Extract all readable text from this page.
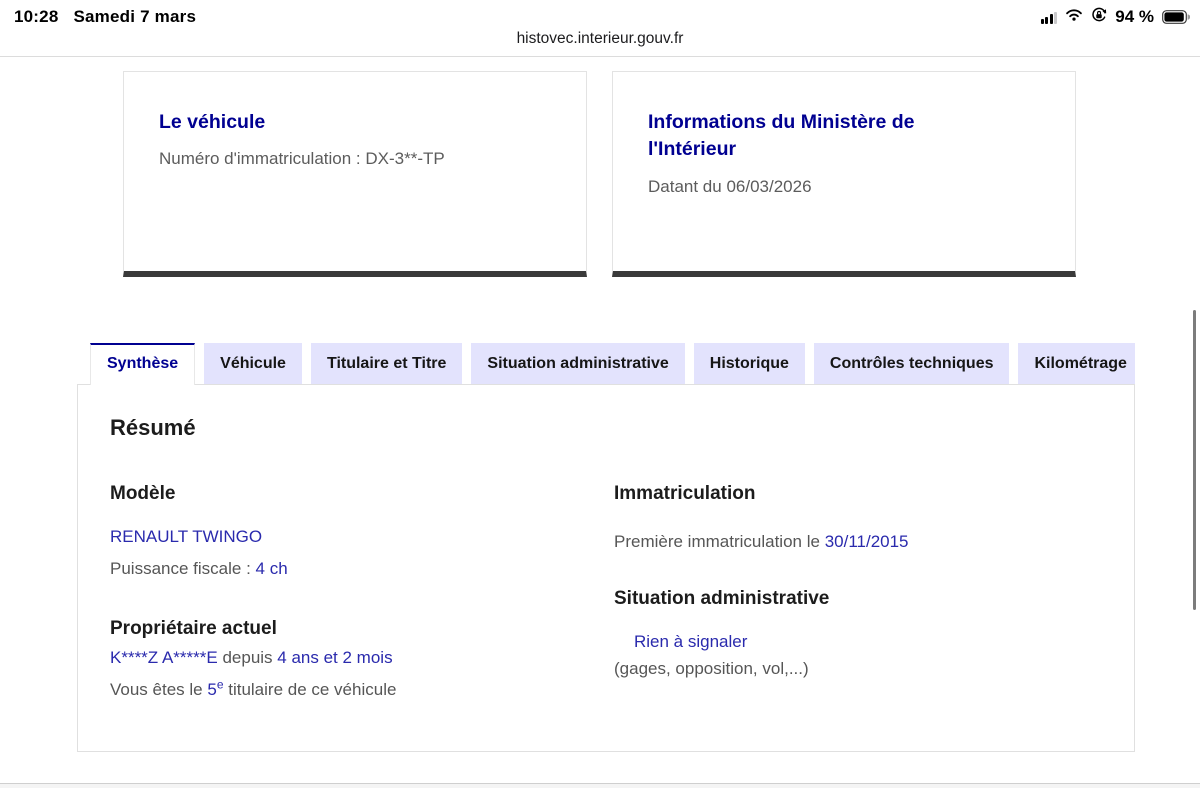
10:28 Samedi 7 mars	94 %
histovec.interieur.gouv.fr
Le véhicule
Numéro d'immatriculation : DX-3**-TP
Informations du Ministère de l'Intérieur
Datant du 06/03/2026
Synthèse	Véhicule	Titulaire et Titre	Situation administrative	Historique	Contrôles techniques	Kilométrage
Résumé
Modèle
RENAULT TWINGO
Puissance fiscale : 4 ch
Propriétaire actuel
K****Z A*****E depuis 4 ans et 2 mois
Vous êtes le 5e titulaire de ce véhicule
Immatriculation
Première immatriculation le 30/11/2015
Situation administrative
Rien à signaler
(gages, opposition, vol,...)
